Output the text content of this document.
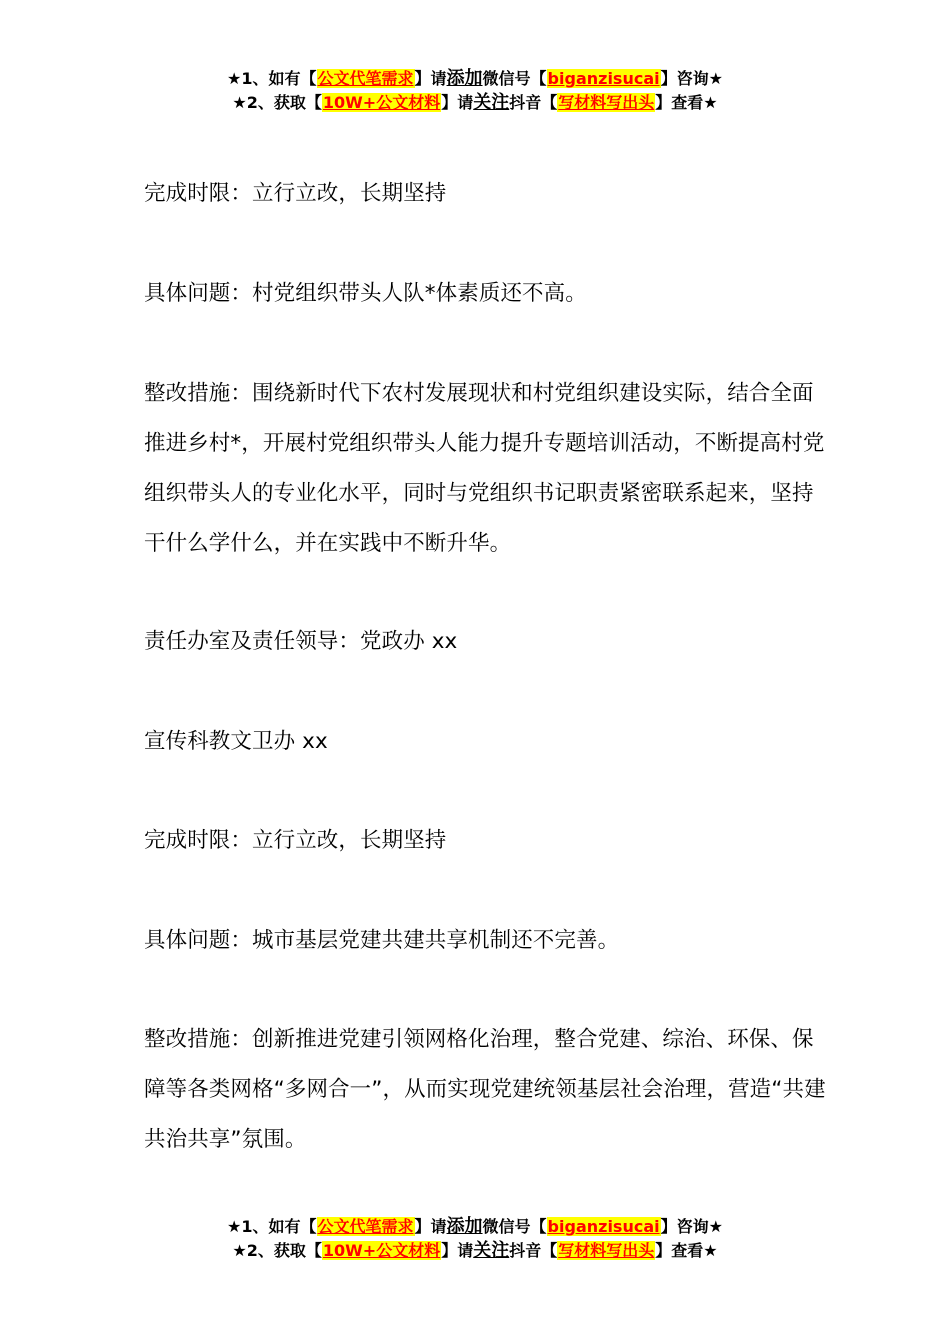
★1、如有【公文代笔需求】请添加微信号【biganzisucai】咨询★
★2、获取【10W+公文材料】请关注抖音【写材料写出头】查看★

完成时限：立行立改，长期坚持

具体问题：村党组织带头人队*体素质还不高。

整改措施：围绕新时代下农村发展现状和村党组织建设实际，结合全面推进乡村*，开展村党组织带头人能力提升专题培训活动，不断提高村党组织带头人的专业化水平，同时与党组织书记职责紧密联系起来，坚持干什么学什么，并在实践中不断升华。

责任办室及责任领导：党政办 xx

宣传科教文卫办 xx

完成时限：立行立改，长期坚持

具体问题：城市基层党建共建共享机制还不完善。

整改措施：创新推进党建引领网格化治理，整合党建、综治、环保、保障等各类网格“多网合一”，从而实现党建统领基层社会治理，营造“共建共治共享”氛围。

★1、如有【公文代笔需求】请添加微信号【biganzisucai】咨询★
★2、获取【10W+公文材料】请关注抖音【写材料写出头】查看★
